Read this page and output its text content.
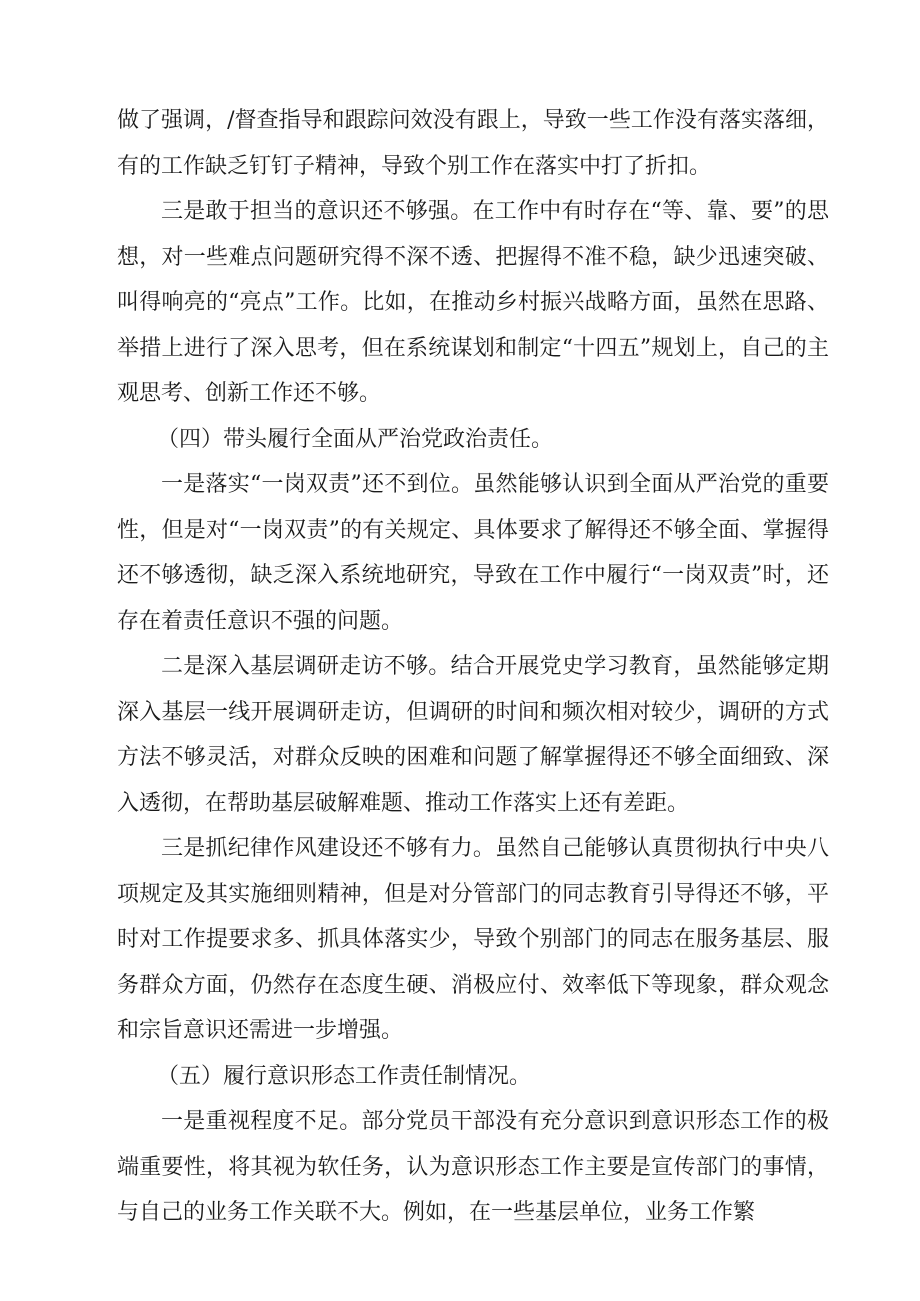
做了强调，/督查指导和跟踪问效没有跟上，导致一些工作没有落实落细，有的工作缺乏钉钉子精神，导致个别工作在落实中打了折扣。

三是敢于担当的意识还不够强。在工作中有时存在“等、靠、要”的思想，对一些难点问题研究得不深不透、把握得不准不稳，缺少迅速突破、叫得响亮的“亮点”工作。比如，在推动乡村振兴战略方面，虽然在思路、举措上进行了深入思考，但在系统谋划和制定“十四五”规划上，自己的主观思考、创新工作还不够。

（四）带头履行全面从严治党政治责任。

一是落实“一岗双责”还不到位。虽然能够认识到全面从严治党的重要性，但是对“一岗双责”的有关规定、具体要求了解得还不够全面、掌握得还不够透彻，缺乏深入系统地研究，导致在工作中履行“一岗双责”时，还存在着责任意识不强的问题。

二是深入基层调研走访不够。结合开展党史学习教育，虽然能够定期深入基层一线开展调研走访，但调研的时间和频次相对较少，调研的方式方法不够灵活，对群众反映的困难和问题了解掌握得还不够全面细致、深入透彻，在帮助基层破解难题、推动工作落实上还有差距。

三是抓纪律作风建设还不够有力。虽然自己能够认真贯彻执行中央八项规定及其实施细则精神，但是对分管部门的同志教育引导得还不够，平时对工作提要求多、抓具体落实少，导致个别部门的同志在服务基层、服务群众方面，仍然存在态度生硬、消极应付、效率低下等现象，群众观念和宗旨意识还需进一步增强。

（五）履行意识形态工作责任制情况。

一是重视程度不足。部分党员干部没有充分意识到意识形态工作的极端重要性，将其视为软任务，认为意识形态工作主要是宣传部门的事情，与自己的业务工作关联不大。例如，在一些基层单位，业务工作繁
